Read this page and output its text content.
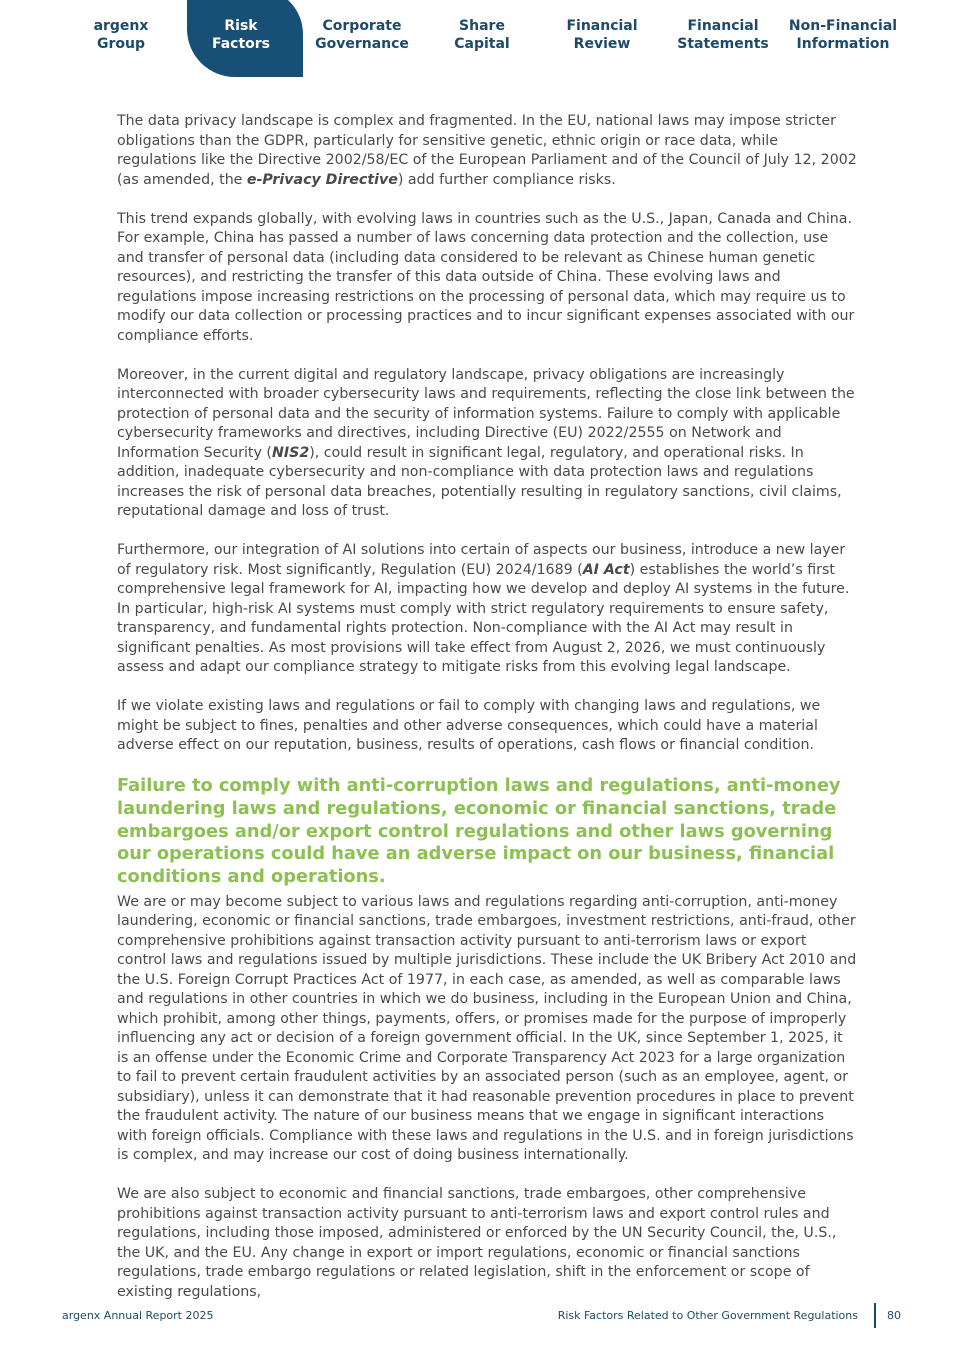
argenx
Group
Risk
Factors
Corporate
Governance
Share
Capital
Financial
Review
Financial
Statements
Non-Financial
Information

The data privacy landscape is complex and fragmented. In the EU, national laws may impose stricter obligations than the GDPR, particularly for sensitive genetic, ethnic origin or race data, while regulations like the Directive 2002/58/EC of the European Parliament and of the Council of July 12, 2002 (as amended, the e-Privacy Directive) add further compliance risks.

This trend expands globally, with evolving laws in countries such as the U.S., Japan, Canada and China. For example, China has passed a number of laws concerning data protection and the collection, use and transfer of personal data (including data considered to be relevant as Chinese human genetic resources), and restricting the transfer of this data outside of China. These evolving laws and regulations impose increasing restrictions on the processing of personal data, which may require us to modify our data collection or processing practices and to incur significant expenses associated with our compliance efforts.

Moreover, in the current digital and regulatory landscape, privacy obligations are increasingly interconnected with broader cybersecurity laws and requirements, reflecting the close link between the protection of personal data and the security of information systems. Failure to comply with applicable cybersecurity frameworks and directives, including Directive (EU) 2022/2555 on Network and Information Security (NIS2), could result in significant legal, regulatory, and operational risks. In addition, inadequate cybersecurity and non-compliance with data protection laws and regulations increases the risk of personal data breaches, potentially resulting in regulatory sanctions, civil claims, reputational damage and loss of trust.

Furthermore, our integration of AI solutions into certain of aspects our business, introduce a new layer of regulatory risk. Most significantly, Regulation (EU) 2024/1689 (AI Act) establishes the world’s first comprehensive legal framework for AI, impacting how we develop and deploy AI systems in the future. In particular, high-risk AI systems must comply with strict regulatory requirements to ensure safety, transparency, and fundamental rights protection. Non-compliance with the AI Act may result in significant penalties. As most provisions will take effect from August 2, 2026, we must continuously assess and adapt our compliance strategy to mitigate risks from this evolving legal landscape.

If we violate existing laws and regulations or fail to comply with changing laws and regulations, we might be subject to fines, penalties and other adverse consequences, which could have a material adverse effect on our reputation, business, results of operations, cash flows or financial condition.

Failure to comply with anti-corruption laws and regulations, anti-money laundering laws and regulations, economic or financial sanctions, trade embargoes and/or export control regulations and other laws governing our operations could have an adverse impact on our business, financial conditions and operations.

We are or may become subject to various laws and regulations regarding anti-corruption, anti-money laundering, economic or financial sanctions, trade embargoes, investment restrictions, anti-fraud, other comprehensive prohibitions against transaction activity pursuant to anti-terrorism laws or export control laws and regulations issued by multiple jurisdictions. These include the UK Bribery Act 2010 and the U.S. Foreign Corrupt Practices Act of 1977, in each case, as amended, as well as comparable laws and regulations in other countries in which we do business, including in the European Union and China, which prohibit, among other things, payments, offers, or promises made for the purpose of improperly influencing any act or decision of a foreign government official. In the UK, since September 1, 2025, it is an offense under the Economic Crime and Corporate Transparency Act 2023 for a large organization to fail to prevent certain fraudulent activities by an associated person (such as an employee, agent, or subsidiary), unless it can demonstrate that it had reasonable prevention procedures in place to prevent the fraudulent activity. The nature of our business means that we engage in significant interactions with foreign officials. Compliance with these laws and regulations in the U.S. and in foreign jurisdictions is complex, and may increase our cost of doing business internationally.

We are also subject to economic and financial sanctions, trade embargoes, other comprehensive prohibitions against transaction activity pursuant to anti-terrorism laws and export control rules and regulations, including those imposed, administered or enforced by the UN Security Council, the, U.S., the UK, and the EU. Any change in export or import regulations, economic or financial sanctions regulations, trade embargo regulations or related legislation, shift in the enforcement or scope of existing regulations,

argenx Annual Report 2025	Risk Factors Related to Other Government Regulations	80
